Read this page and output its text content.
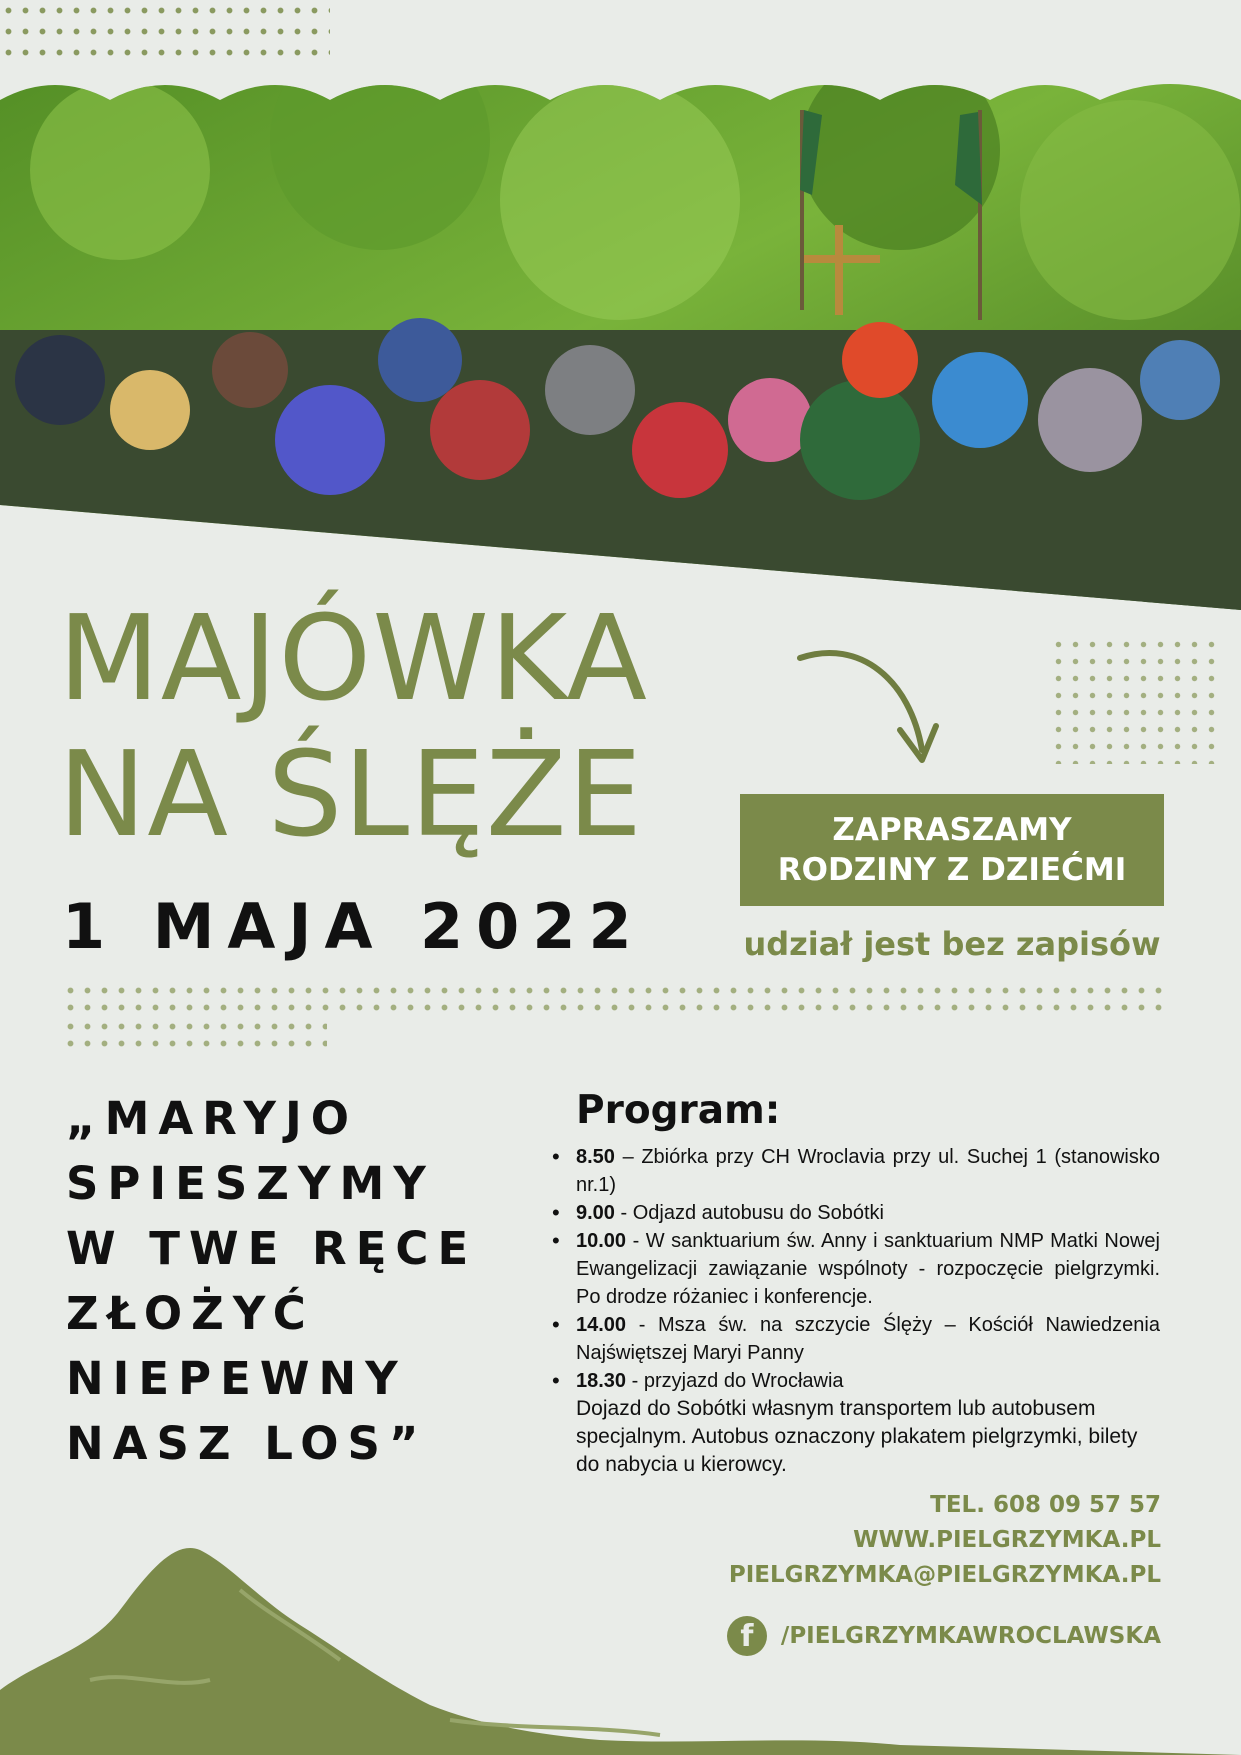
MAJÓWKA
NA ŚLĘŻE
1 MAJA 2022
ZAPRASZAMY
RODZINY Z DZIEĆMI
udział jest bez zapisów
„MARYJO
SPIESZYMY
W TWE RĘCE
ZŁOŻYĆ
NIEPEWNY
NASZ LOS”
Program:
• 8.50 – Zbiórka przy CH Wroclavia przy ul. Suchej 1 (stanowisko nr.1)
• 9.00 - Odjazd autobusu do Sobótki
• 10.00 - W sanktuarium św. Anny i sanktuarium NMP Matki Nowej Ewangelizacji zawiązanie wspólnoty - rozpoczęcie pielgrzymki. Po drodze różaniec i konferencje.
• 14.00 - Msza św. na szczycie Ślęży – Kościół Nawiedzenia Najświętszej Maryi Panny
• 18.30 - przyjazd do Wrocławia

Dojazd do Sobótki własnym transportem lub autobusem specjalnym. Autobus oznaczony plakatem pielgrzymki, bilety do nabycia u kierowcy.

TEL. 608 09 57 57
WWW.PIELGRZYMKA.PL
PIELGRZYMKA@PIELGRZYMKA.PL
f	/PIELGRZYMKAWROCLAWSKA
